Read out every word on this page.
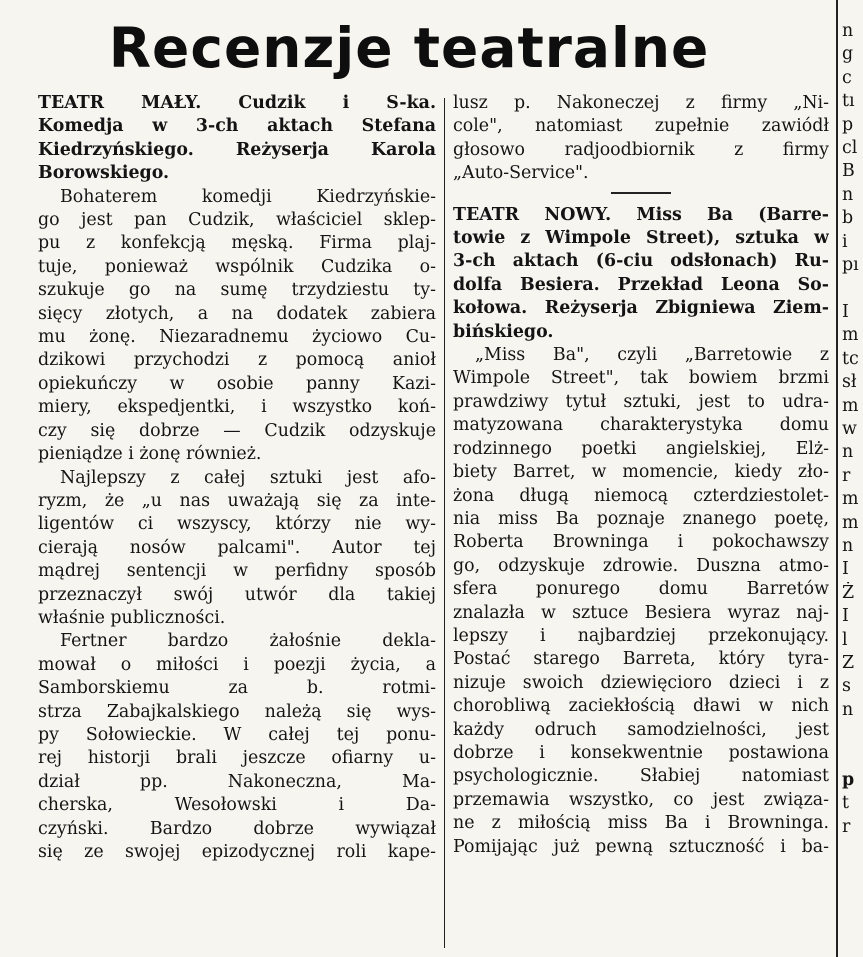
Recenzje teatralne

TEATR MAŁY. Cudzik i S-ka.

Komedja w 3-ch aktach Stefana

Kiedrzyńskiego. Reżyserja Karola

Borowskiego.

Bohaterem komedji Kiedrzyńskie-

go jest pan Cudzik, właściciel sklep-

pu z konfekcją męską. Firma plaj-

tuje, ponieważ wspólnik Cudzika o-

szukuje go na sumę trzydziestu ty-

sięcy złotych, a na dodatek zabiera

mu żonę. Niezaradnemu życiowo Cu-

dzikowi przychodzi z pomocą anioł

opiekuńczy w osobie panny Kazi-

miery, ekspedjentki, i wszystko koń-

czy się dobrze — Cudzik odzyskuje

pieniądze i żonę również.

Najlepszy z całej sztuki jest afo-

ryzm, że „u nas uważają się za inte-

ligentów ci wszyscy, którzy nie wy-

cierają nosów palcami". Autor tej

mądrej sentencji w perfidny sposób

przeznaczył swój utwór dla takiej

właśnie publiczności.

Fertner bardzo żałośnie dekla-

mował o miłości i poezji życia, a

Samborskiemu za b. rotmi-

strza Zabajkalskiego należą się wys-

py Sołowieckie. W całej tej ponu-

rej historji brali jeszcze ofiarny u-

dział pp. Nakoneczna, Ma-

cherska, Wesołowski i Da-

czyński. Bardzo dobrze wywiązał

się ze swojej epizodycznej roli kape-

lusz p. Nakoneczej z firmy „Ni-

cole", natomiast zupełnie zawiódł

głosowo radjoodbiornik z firmy

„Auto-Service".

TEATR NOWY. Miss Ba (Barre-

towie z Wimpole Street), sztuka w

3-ch aktach (6-ciu odsłonach) Ru-

dolfa Besiera. Przekład Leona So-

kołowa. Reżyserja Zbigniewa Ziem-

bińskiego.

„Miss Ba", czyli „Barretowie z

Wimpole Street", tak bowiem brzmi

prawdziwy tytuł sztuki, jest to udra-

matyzowana charakterystyka domu

rodzinnego poetki angielskiej, Elż-

biety Barret, w momencie, kiedy zło-

żona długą niemocą czterdziestolet-

nia miss Ba poznaje znanego poetę,

Roberta Browninga i pokochawszy

go, odzyskuje zdrowie. Duszna atmo-

sfera ponurego domu Barretów

znalazła w sztuce Besiera wyraz naj-

lepszy i najbardziej przekonujący.

Postać starego Barreta, który tyra-

nizuje swoich dziewięcioro dzieci i z

chorobliwą zaciekłością dławi w nich

każdy odruch samodzielności, jest

dobrze i konsekwentnie postawiona

psychologicznie. Słabiej natomiast

przemawia wszystko, co jest związa-

ne z miłością miss Ba i Browninga.

Pomijając już pewną sztuczność i ba-

n

g

c

tı

p

cl

B

n

b

i

pı

I

m

tc

sł

m

w

n

r

m

m

n

I

Ż

I

l

Z

s

n

p

t

r
